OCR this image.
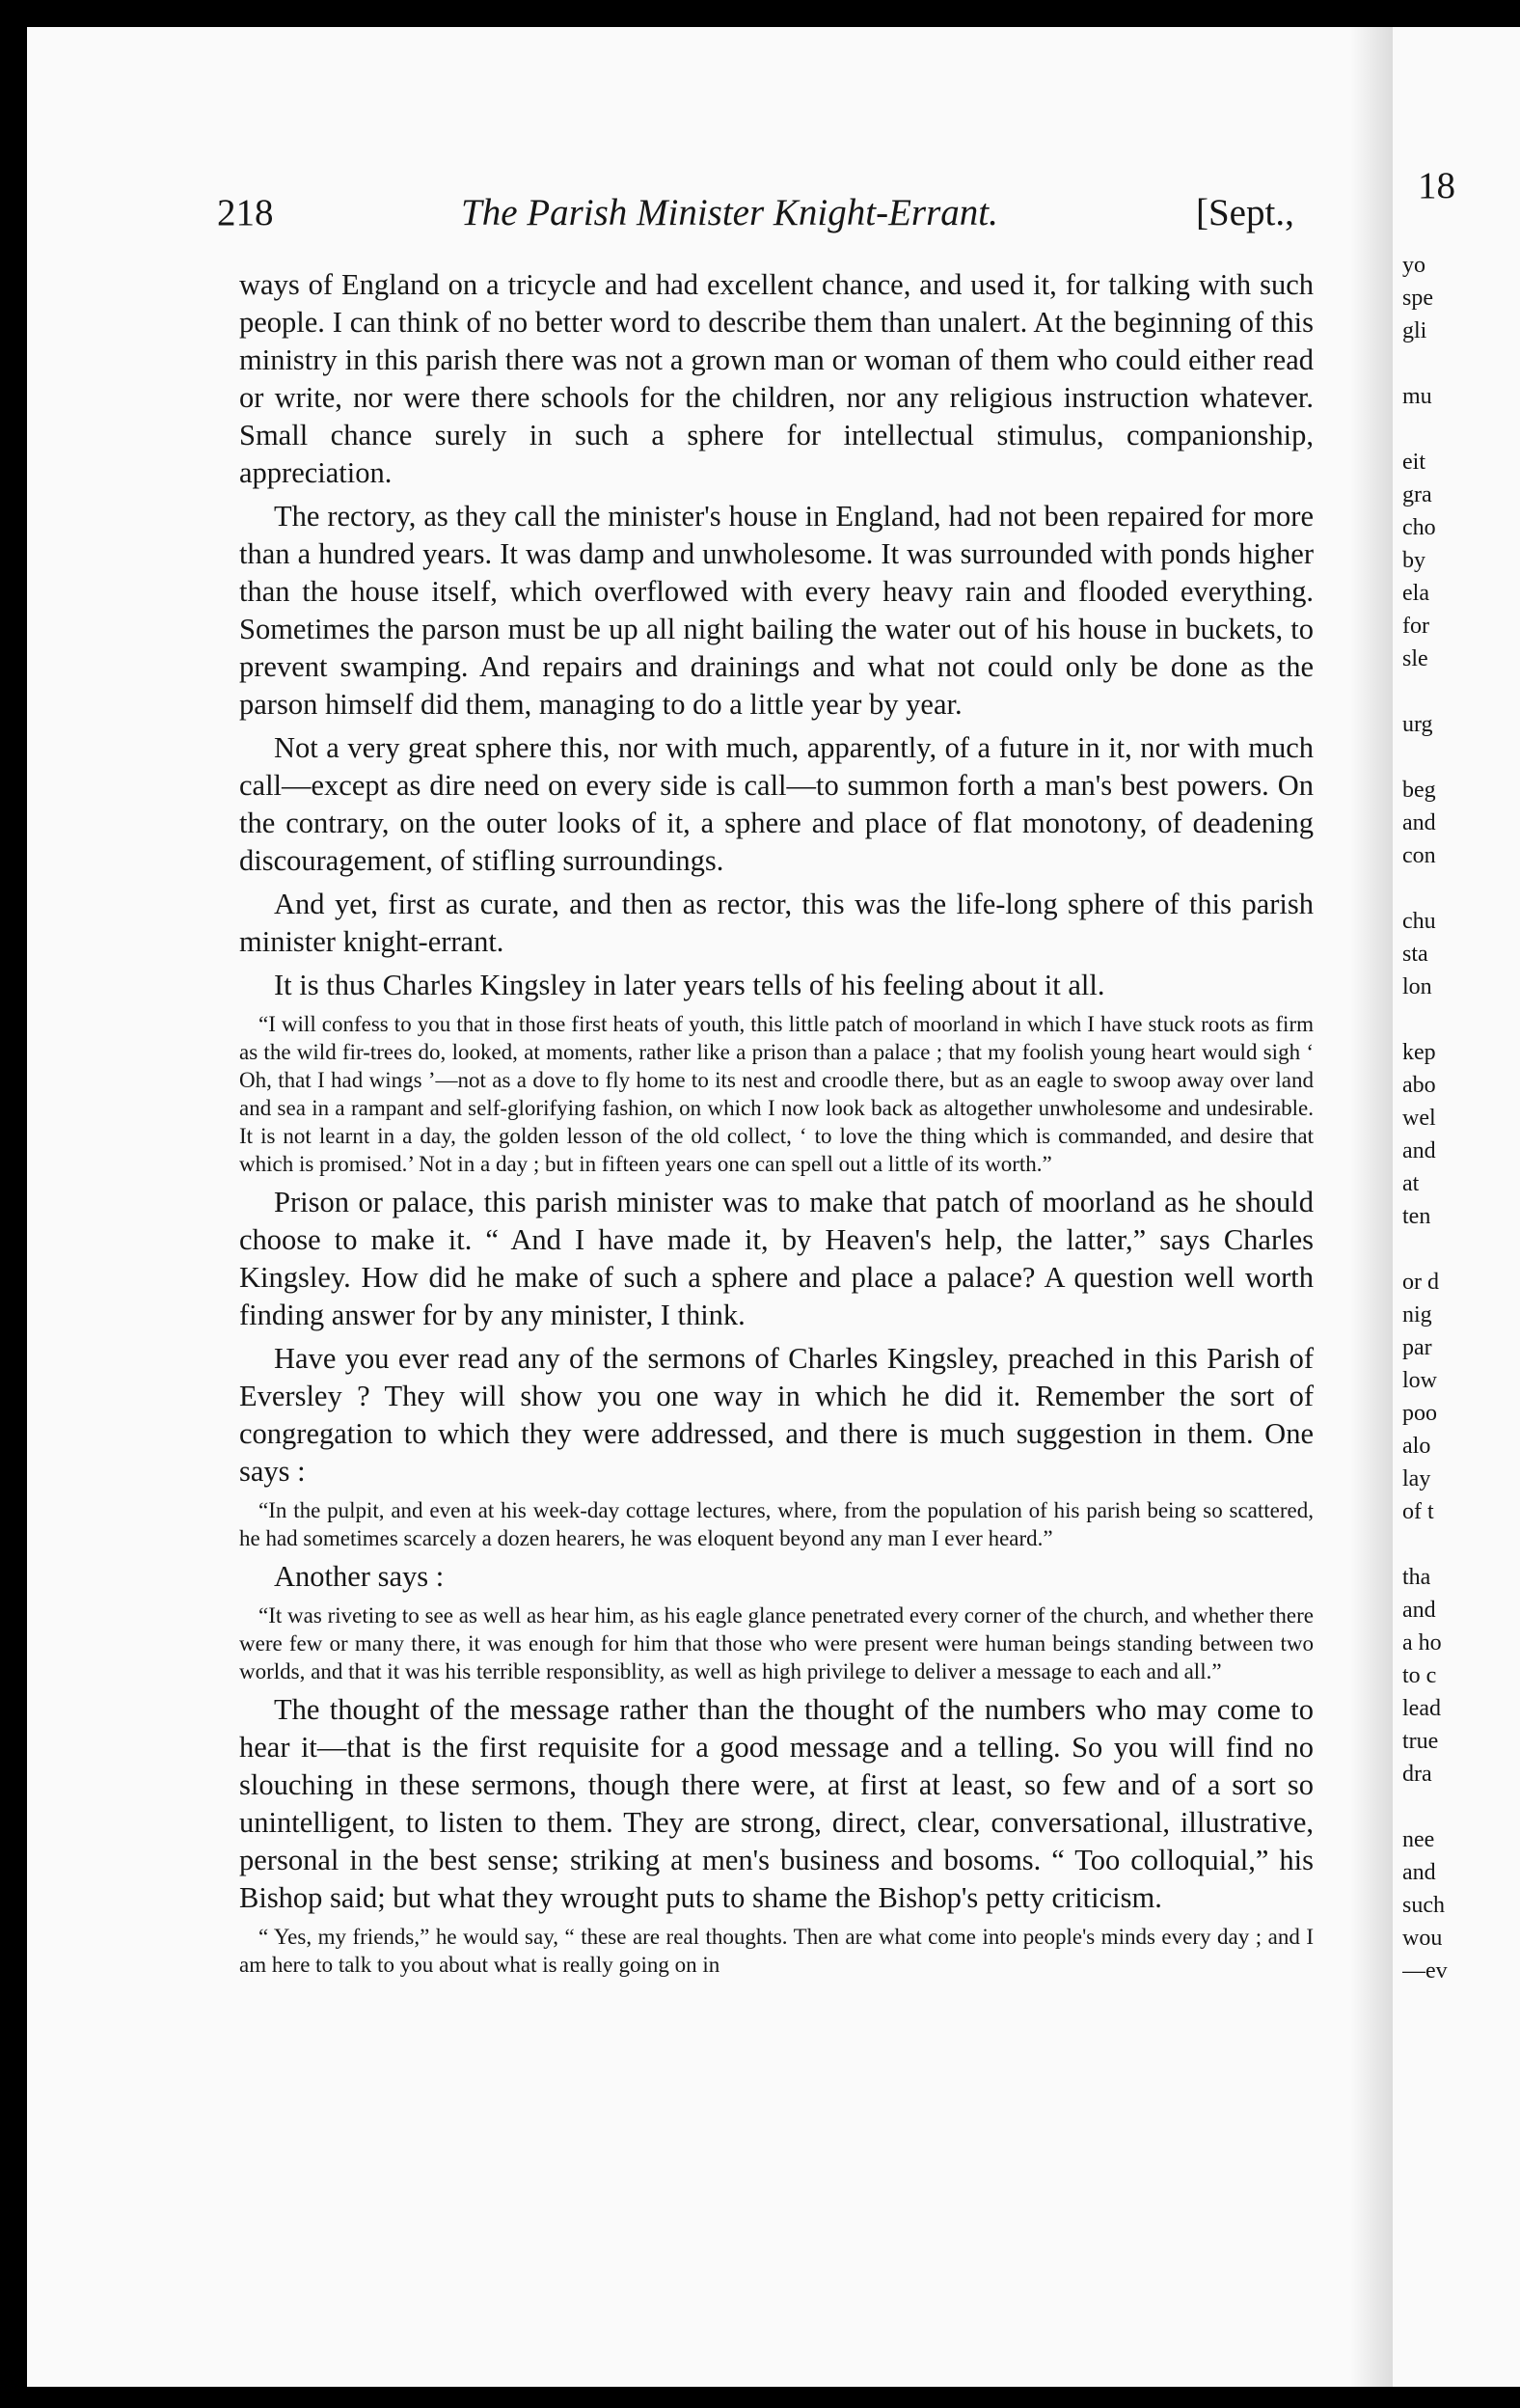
218	The Parish Minister Knight-Errant.	[Sept.,

ways of England on a tricycle and had excellent chance, and used it, for talking with such people. I can think of no better word to describe them than unalert. At the beginning of this ministry in this parish there was not a grown man or woman of them who could either read or write, nor were there schools for the children, nor any religious instruction whatever. Small chance surely in such a sphere for intellectual stimulus, companionship, appreciation.

The rectory, as they call the minister's house in England, had not been repaired for more than a hundred years. It was damp and unwholesome. It was surrounded with ponds higher than the house itself, which overflowed with every heavy rain and flooded everything. Sometimes the parson must be up all night bailing the water out of his house in buckets, to prevent swamping. And repairs and drainings and what not could only be done as the parson himself did them, managing to do a little year by year.

Not a very great sphere this, nor with much, apparently, of a future in it, nor with much call—except as dire need on every side is call—to summon forth a man's best powers. On the contrary, on the outer looks of it, a sphere and place of flat monotony, of deadening discouragement, of stifling surroundings.

And yet, first as curate, and then as rector, this was the life-long sphere of this parish minister knight-errant.

It is thus Charles Kingsley in later years tells of his feeling about it all.

“I will confess to you that in those first heats of youth, this little patch of moorland in which I have stuck roots as firm as the wild fir-trees do, looked, at moments, rather like a prison than a palace ; that my foolish young heart would sigh ‘ Oh, that I had wings ’—not as a dove to fly home to its nest and croodle there, but as an eagle to swoop away over land and sea in a rampant and self-glorifying fashion, on which I now look back as altogether unwholesome and undesirable. It is not learnt in a day, the golden lesson of the old collect, ‘ to love the thing which is commanded, and desire that which is promised.’ Not in a day ; but in fifteen years one can spell out a little of its worth.”

Prison or palace, this parish minister was to make that patch of moorland as he should choose to make it. “ And I have made it, by Heaven's help, the latter,” says Charles Kingsley. How did he make of such a sphere and place a palace? A question well worth finding answer for by any minister, I think.

Have you ever read any of the sermons of Charles Kingsley, preached in this Parish of Eversley ? They will show you one way in which he did it. Remember the sort of congregation to which they were addressed, and there is much suggestion in them. One says :

“In the pulpit, and even at his week-day cottage lectures, where, from the population of his parish being so scattered, he had sometimes scarcely a dozen hearers, he was eloquent beyond any man I ever heard.”

Another says :

“It was riveting to see as well as hear him, as his eagle glance penetrated every corner of the church, and whether there were few or many there, it was enough for him that those who were present were human beings standing between two worlds, and that it was his terrible responsiblity, as well as high privilege to deliver a message to each and all.”

The thought of the message rather than the thought of the numbers who may come to hear it—that is the first requisite for a good message and a telling. So you will find no slouching in these sermons, though there were, at first at least, so few and of a sort so unintelligent, to listen to them. They are strong, direct, clear, conversational, illustrative, personal in the best sense; striking at men's business and bosoms. “ Too colloquial,” his Bishop said; but what they wrought puts to shame the Bishop's petty criticism.

“ Yes, my friends,” he would say, “ these are real thoughts. Then are what come into people's minds every day ; and I am here to talk to you about what is really going on in

18
yo
spe
gli
mu
eit
gra
cho
by
ela
for
sle
urg
beg
and
con
chu
sta
lon
kep
abo
wel
and
at
ten
or d
nig
par
low
poo
alo
lay
of t
tha
and
a ho
to c
lead
true
dra
nee
and
such
wou
—ev
